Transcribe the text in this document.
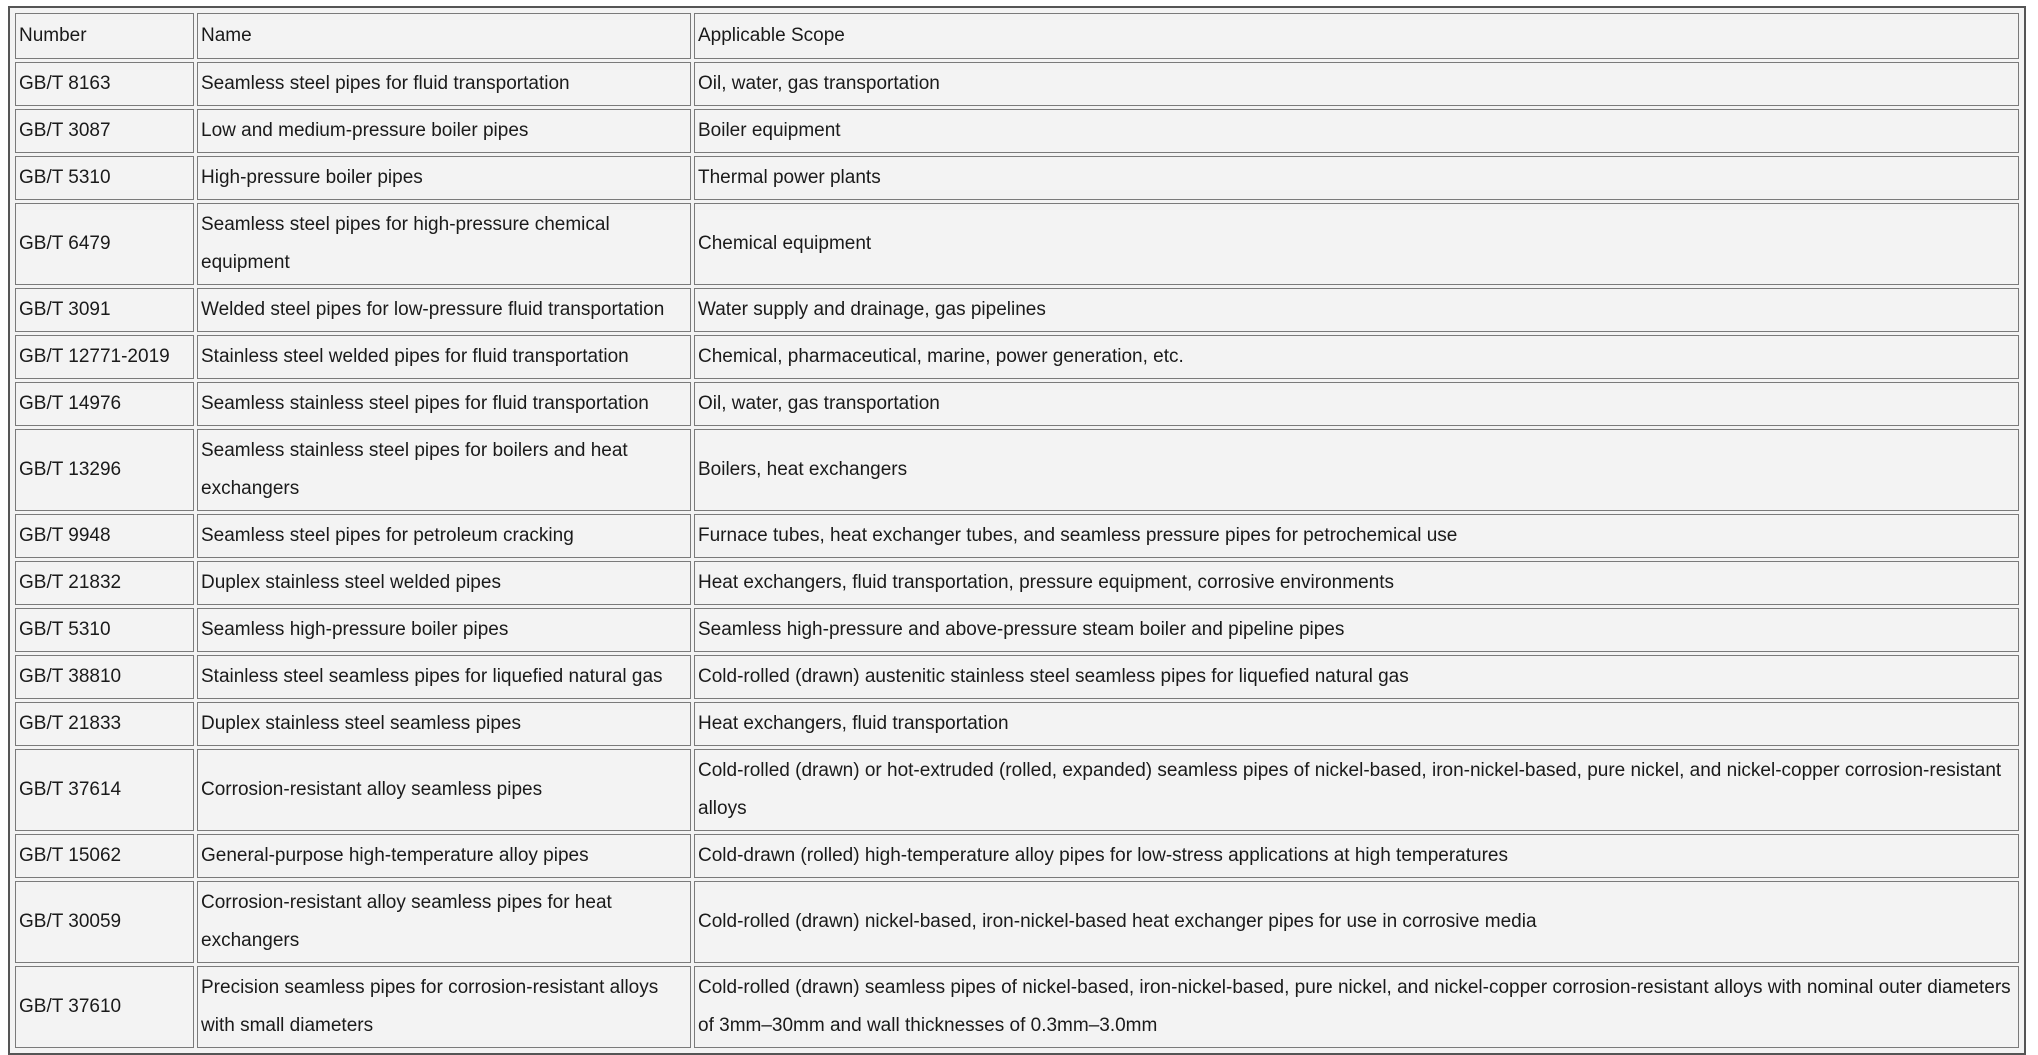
Number	Name	Applicable Scope
GB/T 8163	Seamless steel pipes for fluid transportation	Oil, water, gas transportation
GB/T 3087	Low and medium-pressure boiler pipes	Boiler equipment
GB/T 5310	High-pressure boiler pipes	Thermal power plants
GB/T 6479	Seamless steel pipes for high-pressure chemical equipment	Chemical equipment
GB/T 3091	Welded steel pipes for low-pressure fluid transportation	Water supply and drainage, gas pipelines
GB/T 12771-2019	Stainless steel welded pipes for fluid transportation	Chemical, pharmaceutical, marine, power generation, etc.
GB/T 14976	Seamless stainless steel pipes for fluid transportation	Oil, water, gas transportation
GB/T 13296	Seamless stainless steel pipes for boilers and heat exchangers	Boilers, heat exchangers
GB/T 9948	Seamless steel pipes for petroleum cracking	Furnace tubes, heat exchanger tubes, and seamless pressure pipes for petrochemical use
GB/T 21832	Duplex stainless steel welded pipes	Heat exchangers, fluid transportation, pressure equipment, corrosive environments
GB/T 5310	Seamless high-pressure boiler pipes	Seamless high-pressure and above-pressure steam boiler and pipeline pipes
GB/T 38810	Stainless steel seamless pipes for liquefied natural gas	Cold-rolled (drawn) austenitic stainless steel seamless pipes for liquefied natural gas
GB/T 21833	Duplex stainless steel seamless pipes	Heat exchangers, fluid transportation
GB/T 37614	Corrosion-resistant alloy seamless pipes	Cold-rolled (drawn) or hot-extruded (rolled, expanded) seamless pipes of nickel-based, iron-nickel-based, pure nickel, and nickel-copper corrosion-resistant alloys
GB/T 15062	General-purpose high-temperature alloy pipes	Cold-drawn (rolled) high-temperature alloy pipes for low-stress applications at high temperatures
GB/T 30059	Corrosion-resistant alloy seamless pipes for heat exchangers	Cold-rolled (drawn) nickel-based, iron-nickel-based heat exchanger pipes for use in corrosive media
GB/T 37610	Precision seamless pipes for corrosion-resistant alloys with small diameters	Cold-rolled (drawn) seamless pipes of nickel-based, iron-nickel-based, pure nickel, and nickel-copper corrosion-resistant alloys with nominal outer diameters of 3mm–30mm and wall thicknesses of 0.3mm–3.0mm
